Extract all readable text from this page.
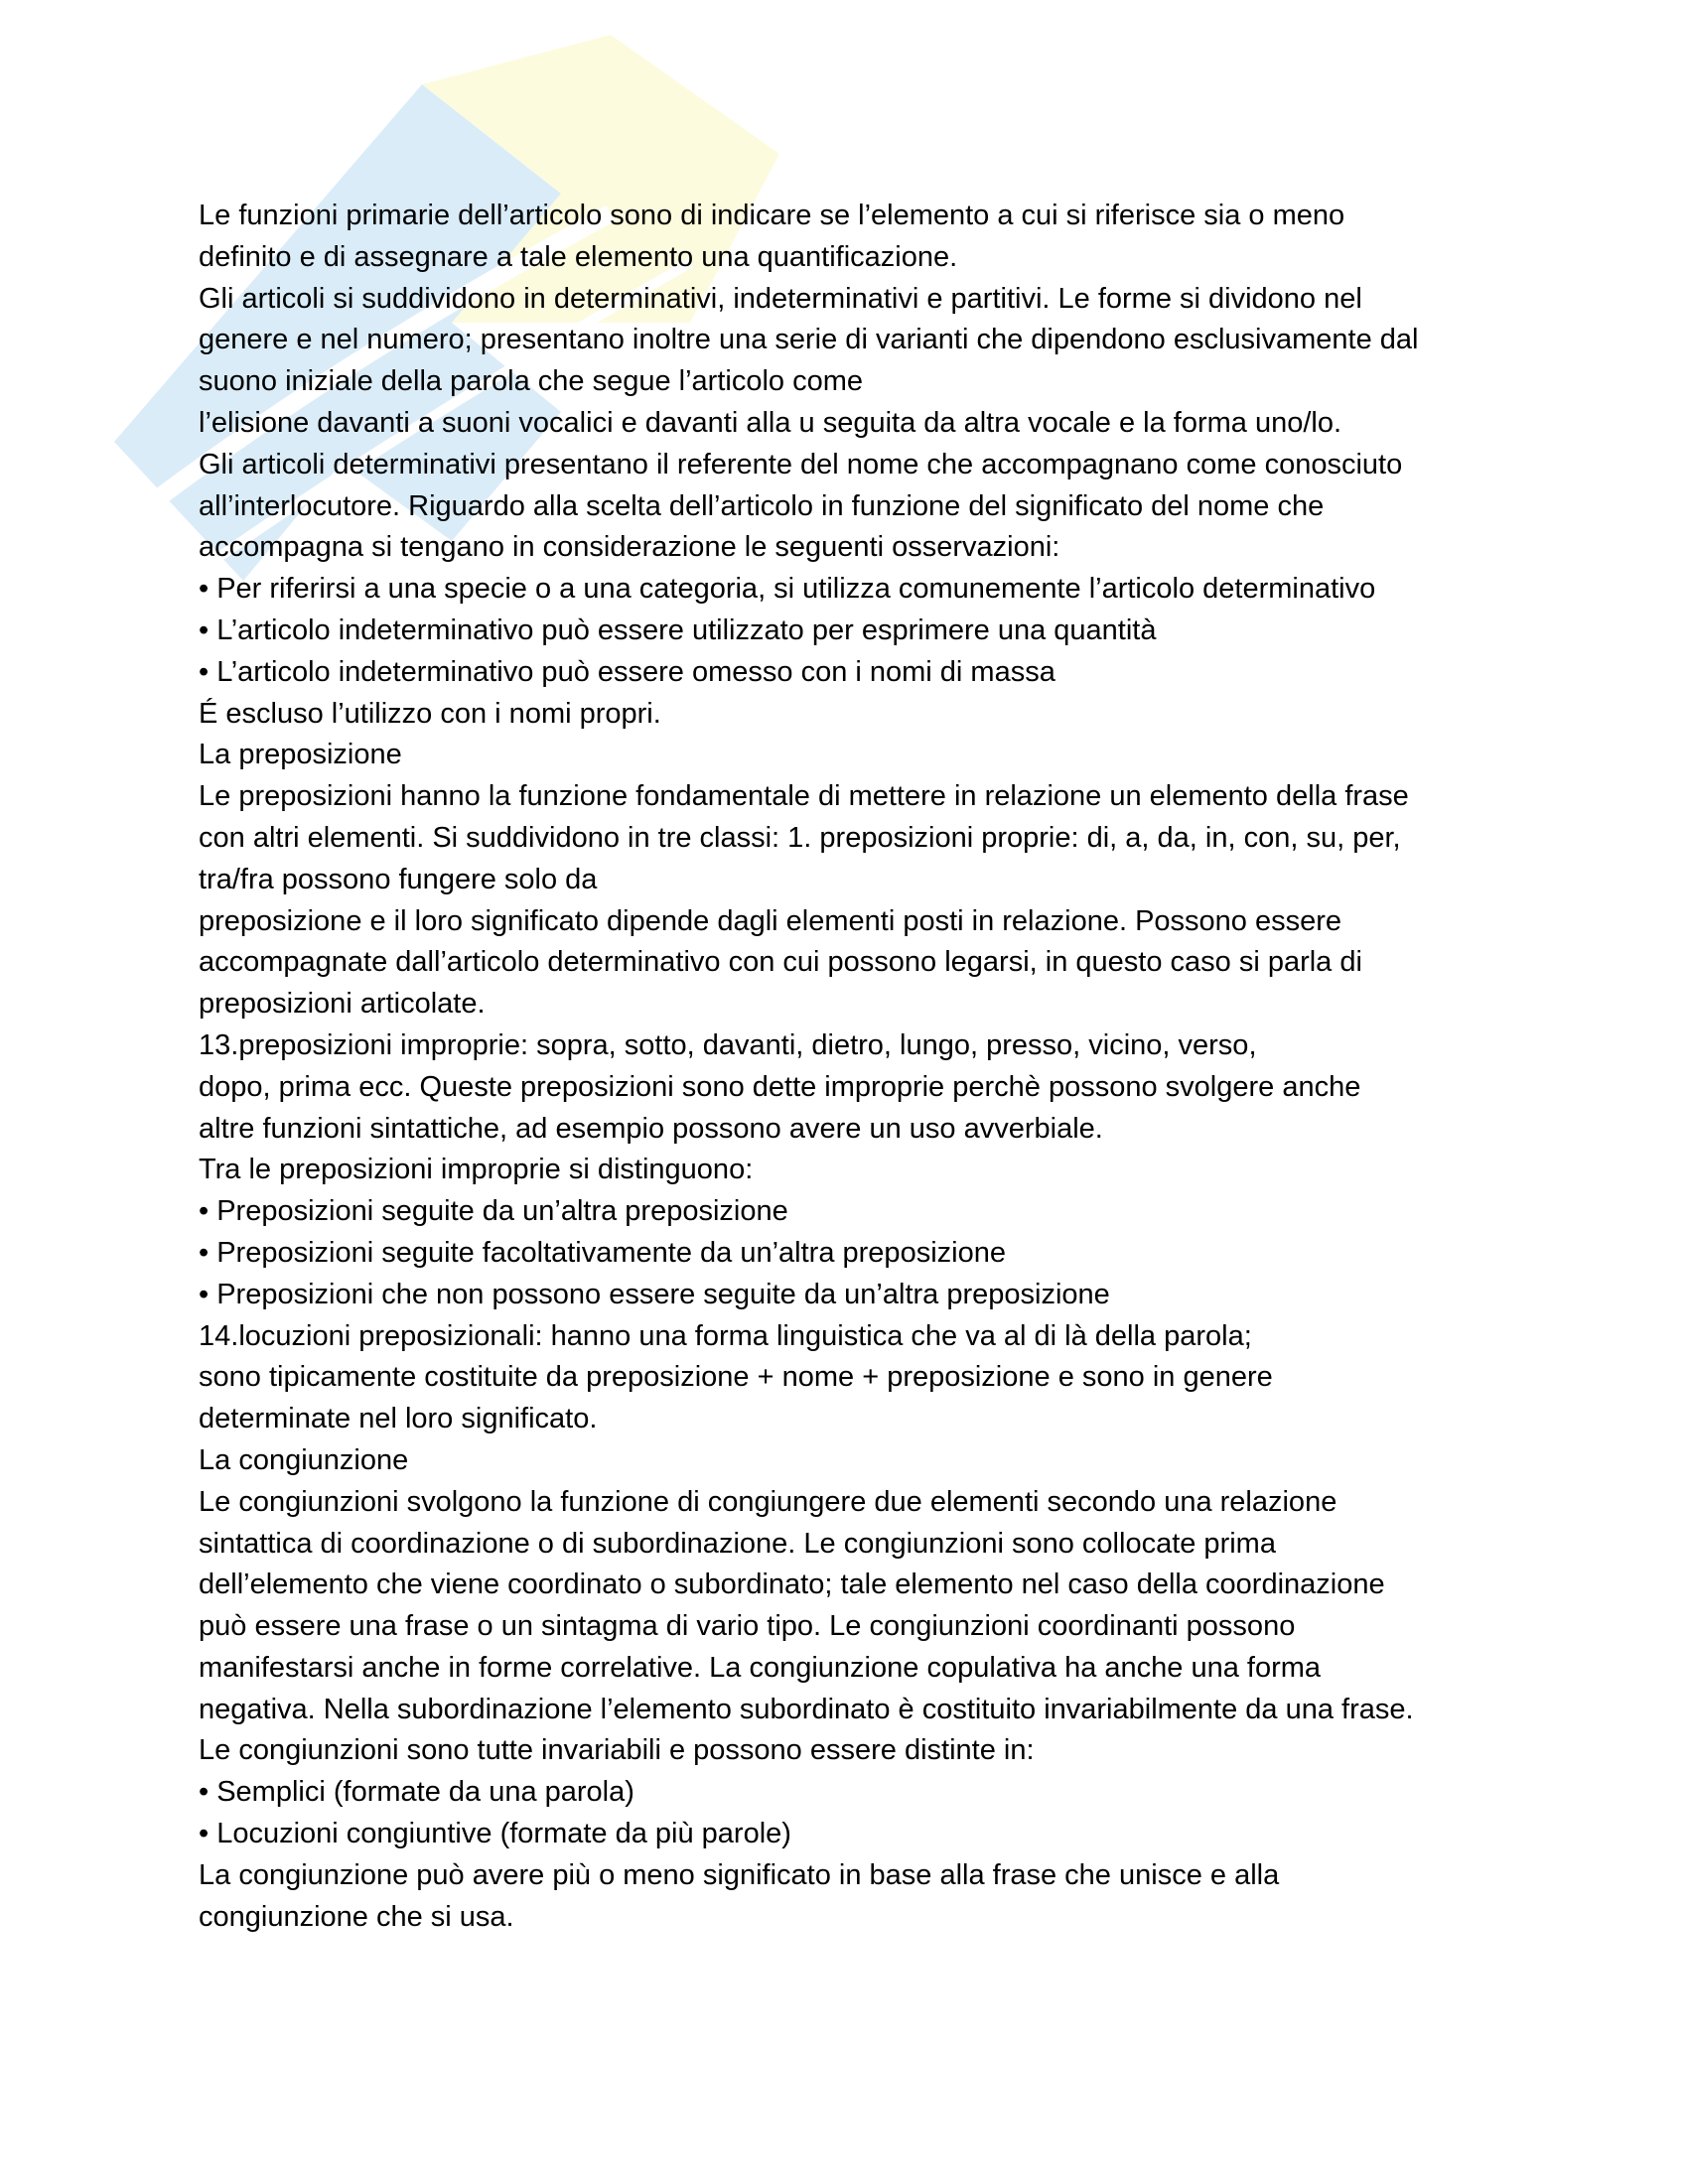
Le funzioni primarie dell’articolo sono di indicare se l’elemento a cui si riferisce sia o meno
definito e di assegnare a tale elemento una quantificazione.
Gli articoli si suddividono in determinativi, indeterminativi e partitivi. Le forme si dividono nel
genere e nel numero; presentano inoltre una serie di varianti che dipendono esclusivamente dal
suono iniziale della parola che segue l’articolo come
l’elisione davanti a suoni vocalici e davanti alla u seguita da altra vocale e la forma uno/lo.
Gli articoli determinativi presentano il referente del nome che accompagnano come conosciuto
all’interlocutore. Riguardo alla scelta dell’articolo in funzione del significato del nome che
accompagna si tengano in considerazione le seguenti osservazioni:
• Per riferirsi a una specie o a una categoria, si utilizza comunemente l’articolo determinativo
• L’articolo indeterminativo può essere utilizzato per esprimere una quantità
• L’articolo indeterminativo può essere omesso con i nomi di massa
É escluso l’utilizzo con i nomi propri.
La preposizione
Le preposizioni hanno la funzione fondamentale di mettere in relazione un elemento della frase
con altri elementi. Si suddividono in tre classi: 1. preposizioni proprie: di, a, da, in, con, su, per,
tra/fra possono fungere solo da
preposizione e il loro significato dipende dagli elementi posti in relazione. Possono essere
accompagnate dall’articolo determinativo con cui possono legarsi, in questo caso si parla di
preposizioni articolate.
13.preposizioni improprie: sopra, sotto, davanti, dietro, lungo, presso, vicino, verso,
dopo, prima ecc. Queste preposizioni sono dette improprie perchè possono svolgere anche
altre funzioni sintattiche, ad esempio possono avere un uso avverbiale.
Tra le preposizioni improprie si distinguono:
• Preposizioni seguite da un’altra preposizione
• Preposizioni seguite facoltativamente da un’altra preposizione
• Preposizioni che non possono essere seguite da un’altra preposizione
14.locuzioni preposizionali: hanno una forma linguistica che va al di là della parola;
sono tipicamente costituite da preposizione + nome + preposizione e sono in genere
determinate nel loro significato.
La congiunzione
Le congiunzioni svolgono la funzione di congiungere due elementi secondo una relazione
sintattica di coordinazione o di subordinazione. Le congiunzioni sono collocate prima
dell’elemento che viene coordinato o subordinato; tale elemento nel caso della coordinazione
può essere una frase o un sintagma di vario tipo. Le congiunzioni coordinanti possono
manifestarsi anche in forme correlative. La congiunzione copulativa ha anche una forma
negativa. Nella subordinazione l’elemento subordinato è costituito invariabilmente da una frase.
Le congiunzioni sono tutte invariabili e possono essere distinte in:
• Semplici (formate da una parola)
• Locuzioni congiuntive (formate da più parole)
La congiunzione può avere più o meno significato in base alla frase che unisce e alla
congiunzione che si usa.
